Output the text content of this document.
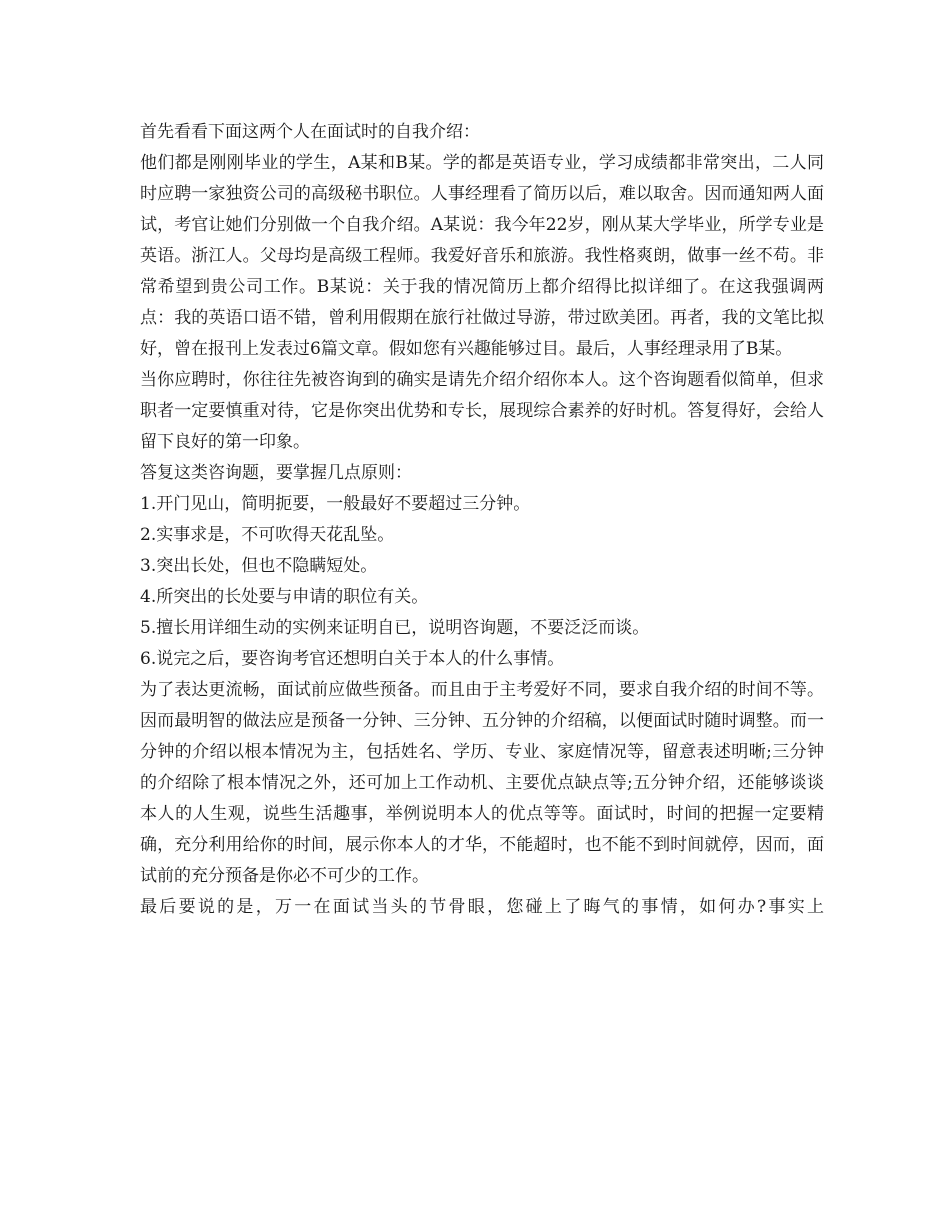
首先看看下面这两个人在面试时的自我介绍：

他们都是刚刚毕业的学生，A某和B某。学的都是英语专业，学习成绩都非常突出，二人同时应聘一家独资公司的高级秘书职位。人事经理看了简历以后，难以取舍。因而通知两人面试，考官让她们分别做一个自我介绍。A某说：我今年22岁，刚从某大学毕业，所学专业是英语。浙江人。父母均是高级工程师。我爱好音乐和旅游。我性格爽朗，做事一丝不苟。非常希望到贵公司工作。B某说：关于我的情况简历上都介绍得比拟详细了。在这我强调两点：我的英语口语不错，曾利用假期在旅行社做过导游，带过欧美团。再者，我的文笔比拟好，曾在报刊上发表过6篇文章。假如您有兴趣能够过目。最后，人事经理录用了B某。

当你应聘时，你往往先被咨询到的确实是请先介绍介绍你本人。这个咨询题看似简单，但求职者一定要慎重对待，它是你突出优势和专长，展现综合素养的好时机。答复得好，会给人留下良好的第一印象。

答复这类咨询题，要掌握几点原则：

1.开门见山，简明扼要，一般最好不要超过三分钟。

2.实事求是，不可吹得天花乱坠。

3.突出长处，但也不隐瞒短处。

4.所突出的长处要与申请的职位有关。

5.擅长用详细生动的实例来证明自已，说明咨询题，不要泛泛而谈。

6.说完之后，要咨询考官还想明白关于本人的什么事情。

为了表达更流畅，面试前应做些预备。而且由于主考爱好不同，要求自我介绍的时间不等。因而最明智的做法应是预备一分钟、三分钟、五分钟的介绍稿，以便面试时随时调整。而一分钟的介绍以根本情况为主，包括姓名、学历、专业、家庭情况等，留意表述明晰;三分钟的介绍除了根本情况之外，还可加上工作动机、主要优点缺点等;五分钟介绍，还能够谈谈本人的人生观，说些生活趣事，举例说明本人的优点等等。面试时，时间的把握一定要精确，充分利用给你的时间，展示你本人的才华，不能超时，也不能不到时间就停，因而，面试前的充分预备是你必不可少的工作。

最后要说的是，万一在面试当头的节骨眼，您碰上了晦气的事情，如何办?事实上
